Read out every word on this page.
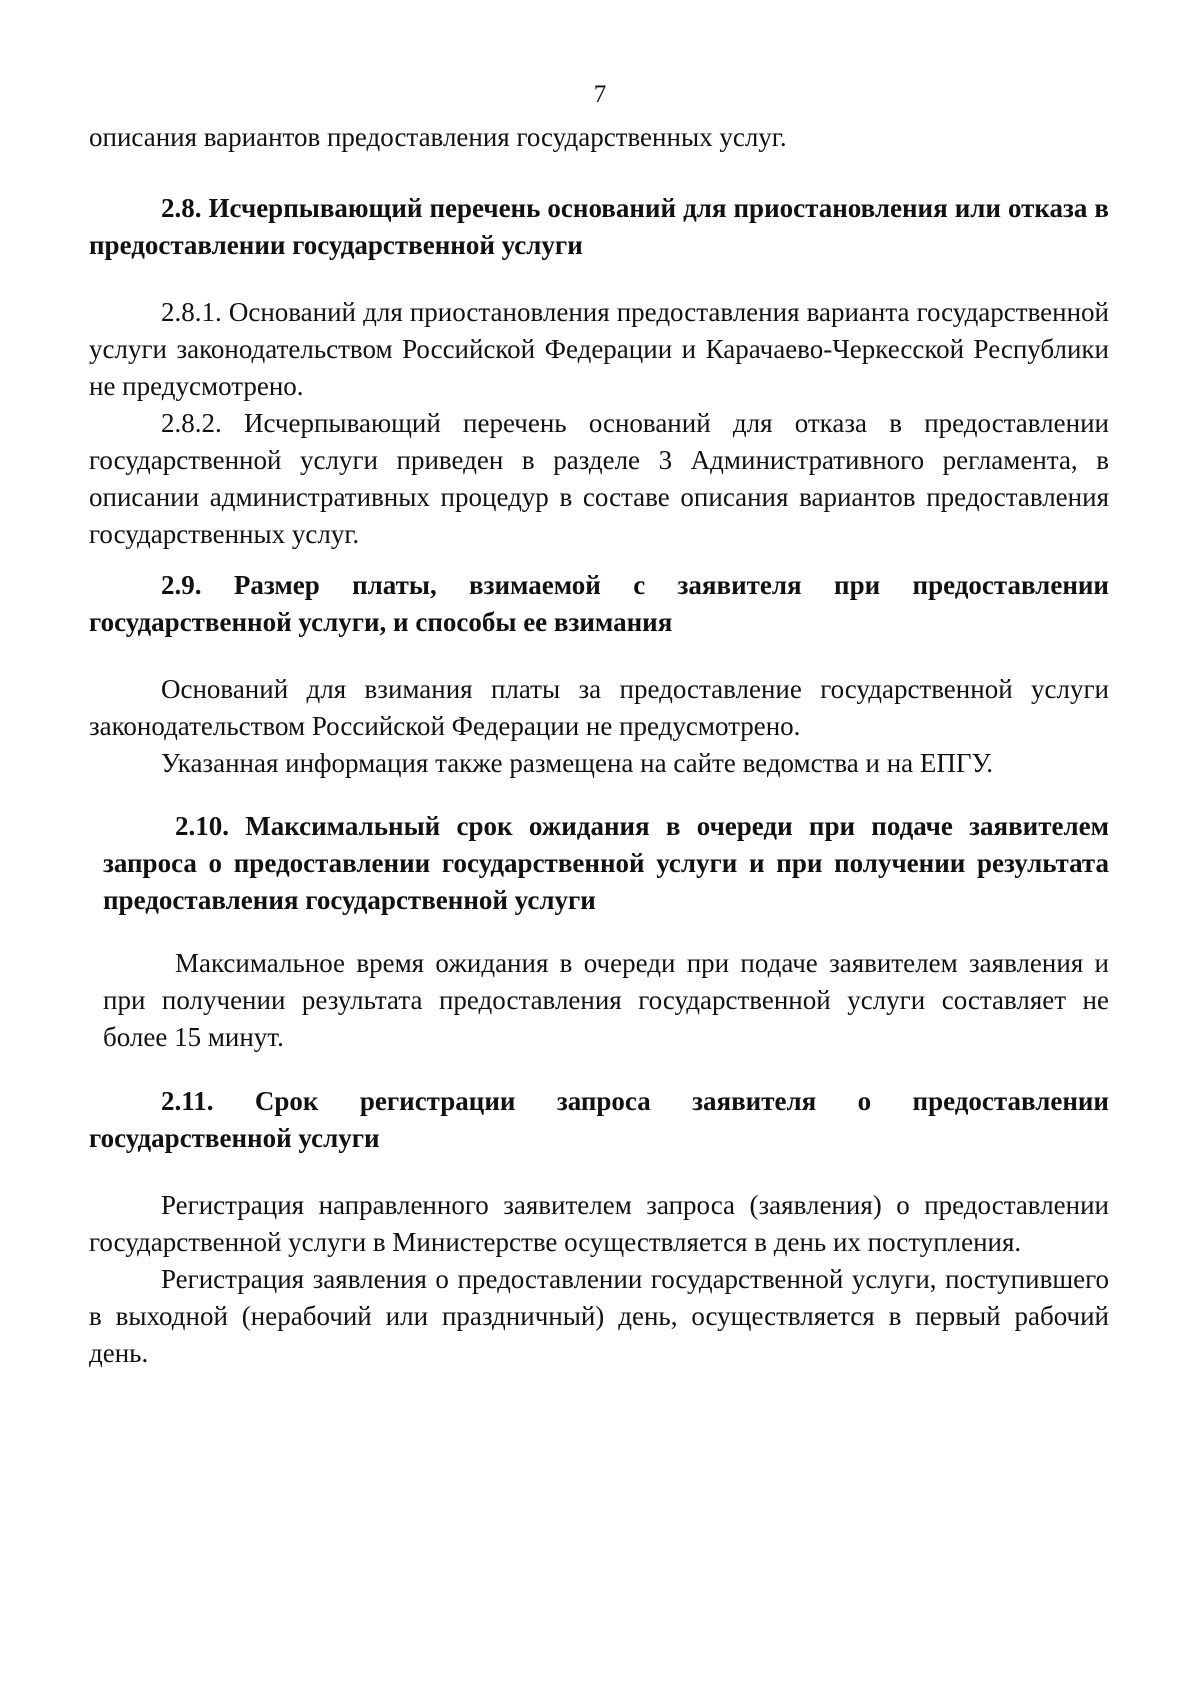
7

описания вариантов предоставления государственных услуг.

2.8. Исчерпывающий перечень оснований для приостановления или отказа в предоставлении государственной услуги

2.8.1. Оснований для приостановления предоставления варианта государственной услуги законодательством Российской Федерации и Карачаево-Черкесской Республики не предусмотрено.

2.8.2. Исчерпывающий перечень оснований для отказа в предоставлении государственной услуги приведен в разделе 3 Административного регламента, в описании административных процедур в составе описания вариантов предоставления государственных услуг.

2.9. Размер платы, взимаемой с заявителя при предоставлении государственной услуги, и способы ее взимания

Оснований для взимания платы за предоставление государственной услуги законодательством Российской Федерации не предусмотрено.

Указанная информация также размещена на сайте ведомства и на ЕПГУ.

2.10. Максимальный срок ожидания в очереди при подаче заявителем запроса о предоставлении государственной услуги и при получении результата предоставления государственной услуги

Максимальное время ожидания в очереди при подаче заявителем заявления и при получении результата предоставления государственной услуги составляет не более 15 минут.

2.11. Срок регистрации запроса заявителя о предоставлении государственной услуги

Регистрация направленного заявителем запроса (заявления) о предоставлении государственной услуги в Министерстве осуществляется в день их поступления.

Регистрация заявления о предоставлении государственной услуги, поступившего в выходной (нерабочий или праздничный) день, осуществляется в первый рабочий день.
